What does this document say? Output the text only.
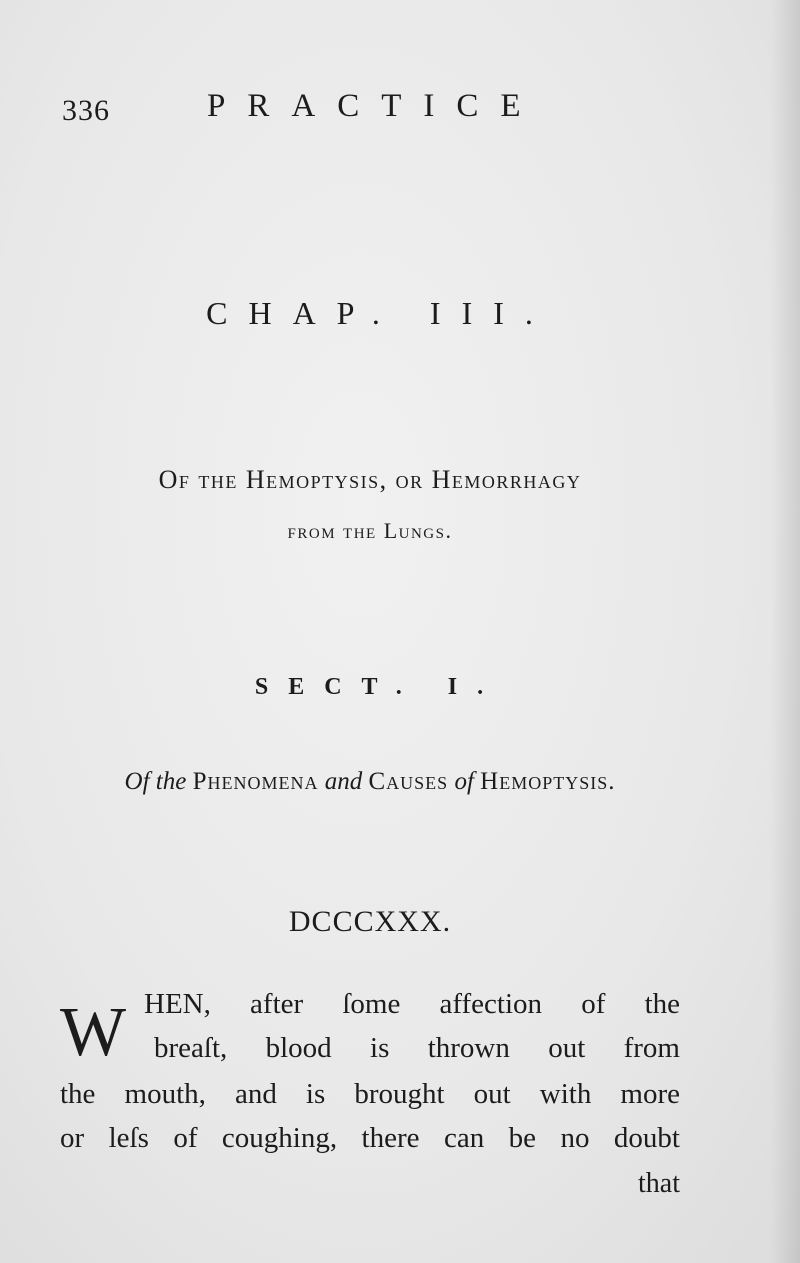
336	PRACTICE
CHAP. III.
Of the Hemoptysis, or Hemorrhagy
from the Lungs.
SECT. I.
Of the Phenomena and Causes of Hemoptysis.
DCCCXXX.
W HEN, after ſome affection of the
breaſt, blood is thrown out from
the mouth, and is brought out with more
or leſs of coughing, there can be no doubt
that
